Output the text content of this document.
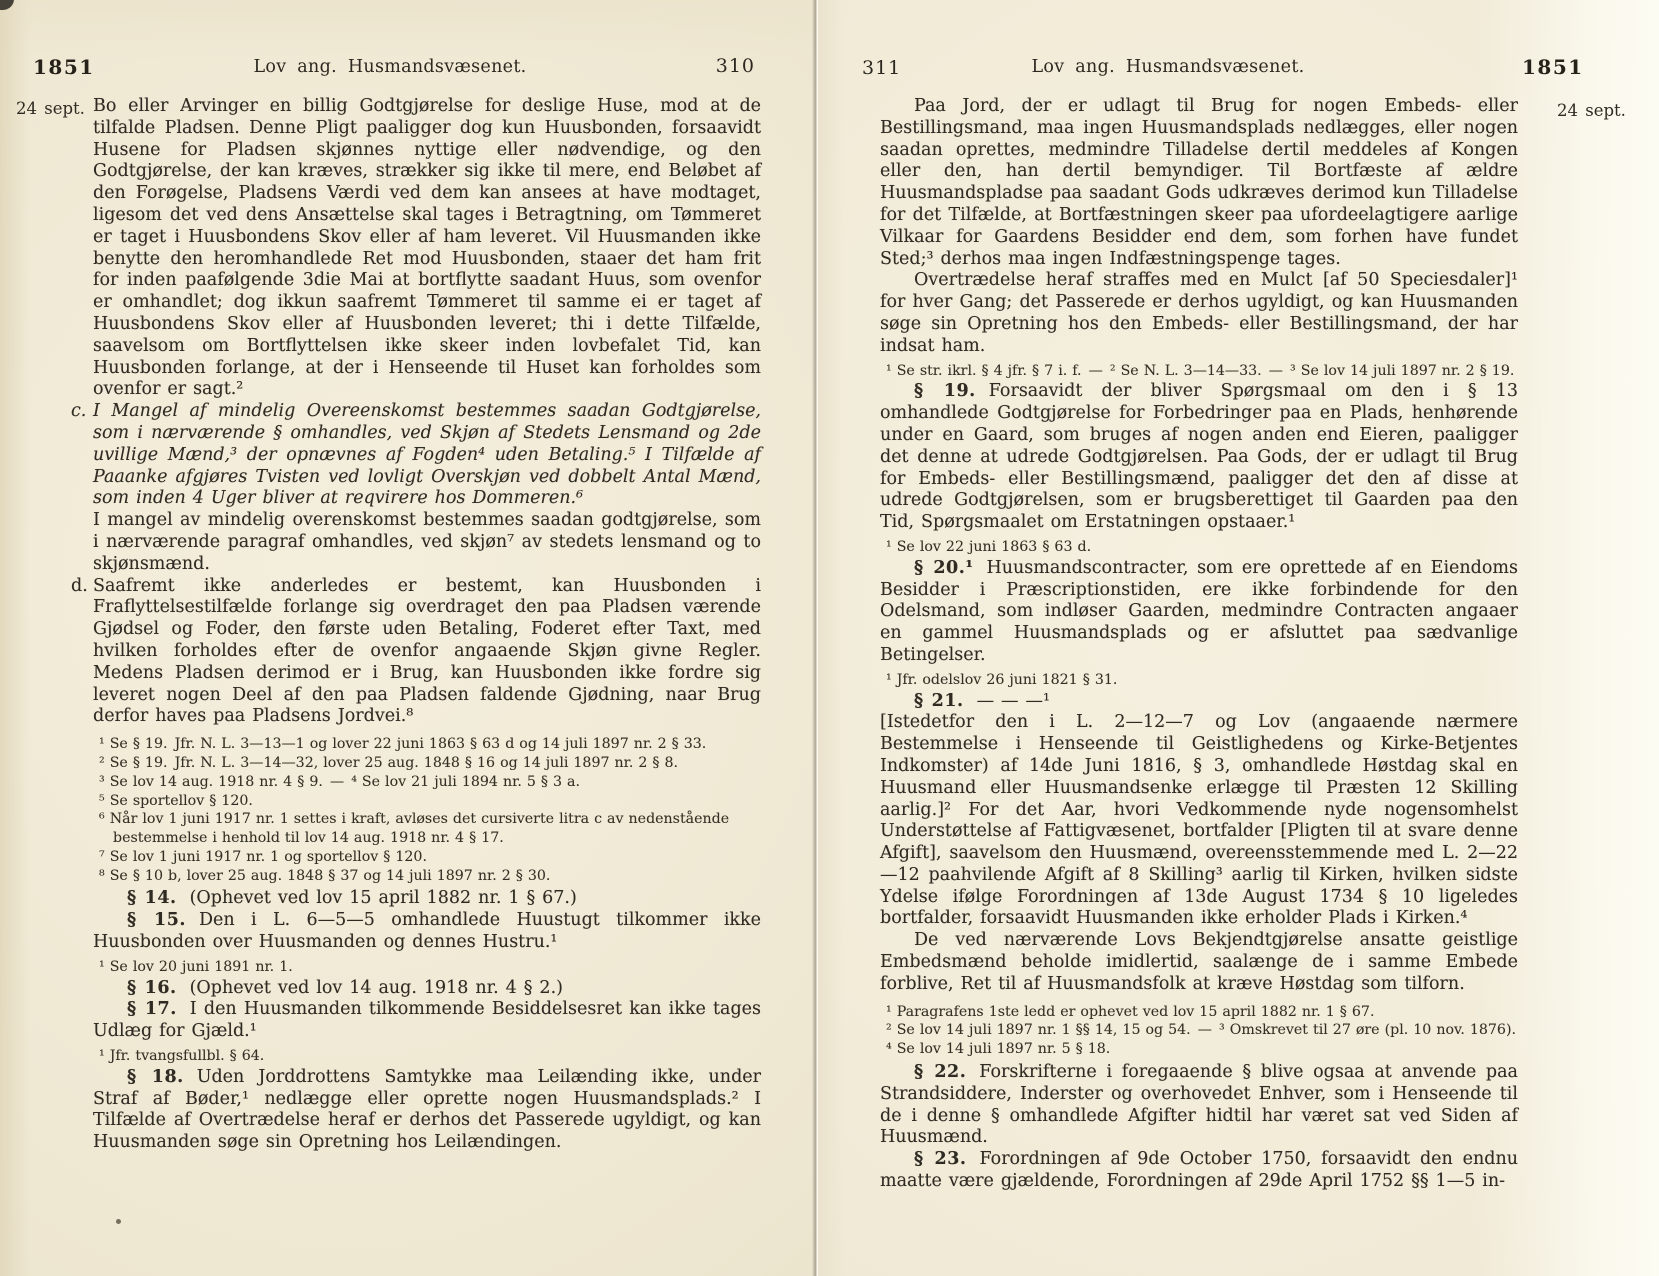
1851	Lov ang. Husmandsvæsenet.	310
24 sept. Bo eller Arvinger en billig Godtgjørelse for deslige Huse, mod at de tilfalde Pladsen. Denne Pligt paaligger dog kun Huusbonden, forsaavidt Husene for Pladsen skjønnes nyttige eller nødvendige, og den Godtgjørelse, der kan kræves, strækker sig ikke til mere, end Beløbet af den Forøgelse, Pladsens Værdi ved dem kan ansees at have modtaget, ligesom det ved dens Ansættelse skal tages i Betragtning, om Tømmeret er taget i Huusbondens Skov eller af ham leveret. Vil Huusmanden ikke benytte den heromhandlede Ret mod Huusbonden, staaer det ham frit for inden paafølgende 3die Mai at bortflytte saadant Huus, som ovenfor er omhandlet; dog ikkun saafremt Tømmeret til samme ei er taget af Huusbondens Skov eller af Huusbonden leveret; thi i dette Tilfælde, saavelsom om Bortflyttelsen ikke skeer inden lovbefalet Tid, kan Huusbonden forlange, at der i Henseende til Huset kan forholdes som ovenfor er sagt.²

c. I Mangel af mindelig Overeenskomst bestemmes saadan Godtgjørelse, som i nærværende § omhandles, ved Skjøn af Stedets Lensmand og 2de uvillige Mænd,³ der opnævnes af Fogden⁴ uden Betaling.⁵ I Tilfælde af Paaanke afgjøres Tvisten ved lovligt Overskjøn ved dobbelt Antal Mænd, som inden 4 Uger bliver at reqvirere hos Dommeren.⁶

I mangel av mindelig overenskomst bestemmes saadan godtgjørelse, som i nærværende paragraf omhandles, ved skjøn⁷ av stedets lensmand og to skjønsmænd.

d. Saafremt ikke anderledes er bestemt, kan Huusbonden i Fraflyttelsestilfælde forlange sig overdraget den paa Pladsen værende Gjødsel og Foder, den første uden Betaling, Foderet efter Taxt, med hvilken forholdes efter de ovenfor angaaende Skjøn givne Regler. Medens Pladsen derimod er i Brug, kan Huusbonden ikke fordre sig leveret nogen Deel af den paa Pladsen faldende Gjødning, naar Brug derfor haves paa Pladsens Jordvei.⁸

¹ Se § 19. Jfr. N. L. 3—13—1 og lover 22 juni 1863 § 63 d og 14 juli 1897 nr. 2 § 33.

² Se § 19. Jfr. N. L. 3—14—32, lover 25 aug. 1848 § 16 og 14 juli 1897 nr. 2 § 8.

³ Se lov 14 aug. 1918 nr. 4 § 9. — ⁴ Se lov 21 juli 1894 nr. 5 § 3 a.

⁵ Se sportellov § 120.

⁶ Når lov 1 juni 1917 nr. 1 settes i kraft, avløses det cursiverte litra c av nedenstående bestemmelse i henhold til lov 14 aug. 1918 nr. 4 § 17.

⁷ Se lov 1 juni 1917 nr. 1 og sportellov § 120.

⁸ Se § 10 b, lover 25 aug. 1848 § 37 og 14 juli 1897 nr. 2 § 30.

§ 14. (Ophevet ved lov 15 april 1882 nr. 1 § 67.)

§ 15. Den i L. 6—5—5 omhandlede Huustugt tilkommer ikke Huusbonden over Huusmanden og dennes Hustru.¹

¹ Se lov 20 juni 1891 nr. 1.

§ 16. (Ophevet ved lov 14 aug. 1918 nr. 4 § 2.)

§ 17. I den Huusmanden tilkommende Besiddelsesret kan ikke tages Udlæg for Gjæld.¹

¹ Jfr. tvangsfullbl. § 64.

§ 18. Uden Jorddrottens Samtykke maa Leilænding ikke, under Straf af Bøder,¹ nedlægge eller oprette nogen Huusmandsplads.² I Tilfælde af Overtrædelse heraf er derhos det Passerede ugyldigt, og kan Huusmanden søge sin Opretning hos Leilændingen.

311	Lov ang. Husmandsvæsenet.	1851
24 sept.

Paa Jord, der er udlagt til Brug for nogen Embeds- eller Bestillingsmand, maa ingen Huusmandsplads nedlægges, eller nogen saadan oprettes, medmindre Tilladelse dertil meddeles af Kongen eller den, han dertil bemyndiger. Til Bortfæste af ældre Huusmandspladse paa saadant Gods udkræves derimod kun Tilladelse for det Tilfælde, at Bortfæstningen skeer paa ufordeelagtigere aarlige Vilkaar for Gaardens Besidder end dem, som forhen have fundet Sted;³ derhos maa ingen Indfæstningspenge tages.

Overtrædelse heraf straffes med en Mulct [af 50 Speciesdaler]¹ for hver Gang; det Passerede er derhos ugyldigt, og kan Huusmanden søge sin Opretning hos den Embeds- eller Bestillingsmand, der har indsat ham.

¹ Se str. ikrl. § 4 jfr. § 7 i. f. — ² Se N. L. 3—14—33. — ³ Se lov 14 juli 1897 nr. 2 § 19.

§ 19. Forsaavidt der bliver Spørgsmaal om den i § 13 omhandlede Godtgjørelse for Forbedringer paa en Plads, henhørende under en Gaard, som bruges af nogen anden end Eieren, paaligger det denne at udrede Godtgjørelsen. Paa Gods, der er udlagt til Brug for Embeds- eller Bestillingsmænd, paaligger det den af disse at udrede Godtgjørelsen, som er brugsberettiget til Gaarden paa den Tid, Spørgsmaalet om Erstatningen opstaaer.¹

¹ Se lov 22 juni 1863 § 63 d.

§ 20.¹ Huusmandscontracter, som ere oprettede af en Eiendoms Besidder i Præscriptionstiden, ere ikke forbindende for den Odelsmand, som indløser Gaarden, medmindre Contracten angaaer en gammel Huusmandsplads og er afsluttet paa sædvanlige Betingelser.

¹ Jfr. odelslov 26 juni 1821 § 31.

§ 21. — — —¹

[Istedetfor den i L. 2—12—7 og Lov (angaaende nærmere Bestemmelse i Henseende til Geistlighedens og Kirke-Betjentes Indkomster) af 14de Juni 1816, § 3, omhandlede Høstdag skal en Huusmand eller Huusmandsenke erlægge til Præsten 12 Skilling aarlig.]² For det Aar, hvori Vedkommende nyde nogensomhelst Understøttelse af Fattigvæsenet, bortfalder [Pligten til at svare denne Afgift], saavelsom den Huusmænd, overeensstemmende med L. 2—22—12 paahvilende Afgift af 8 Skilling³ aarlig til Kirken, hvilken sidste Ydelse ifølge Forordningen af 13de August 1734 § 10 ligeledes bortfalder, forsaavidt Huusmanden ikke erholder Plads i Kirken.⁴

De ved nærværende Lovs Bekjendtgjørelse ansatte geistlige Embedsmænd beholde imidlertid, saalænge de i samme Embede forblive, Ret til af Huusmandsfolk at kræve Høstdag som tilforn.

¹ Paragrafens 1ste ledd er ophevet ved lov 15 april 1882 nr. 1 § 67.

² Se lov 14 juli 1897 nr. 1 §§ 14, 15 og 54. — ³ Omskrevet til 27 øre (pl. 10 nov. 1876).

⁴ Se lov 14 juli 1897 nr. 5 § 18.

§ 22. Forskrifterne i foregaaende § blive ogsaa at anvende paa Strandsiddere, Inderster og overhovedet Enhver, som i Henseende til de i denne § omhandlede Afgifter hidtil har været sat ved Siden af Huusmænd.

§ 23. Forordningen af 9de October 1750, forsaavidt den endnu maatte være gjældende, Forordningen af 29de April 1752 §§ 1—5 in-
